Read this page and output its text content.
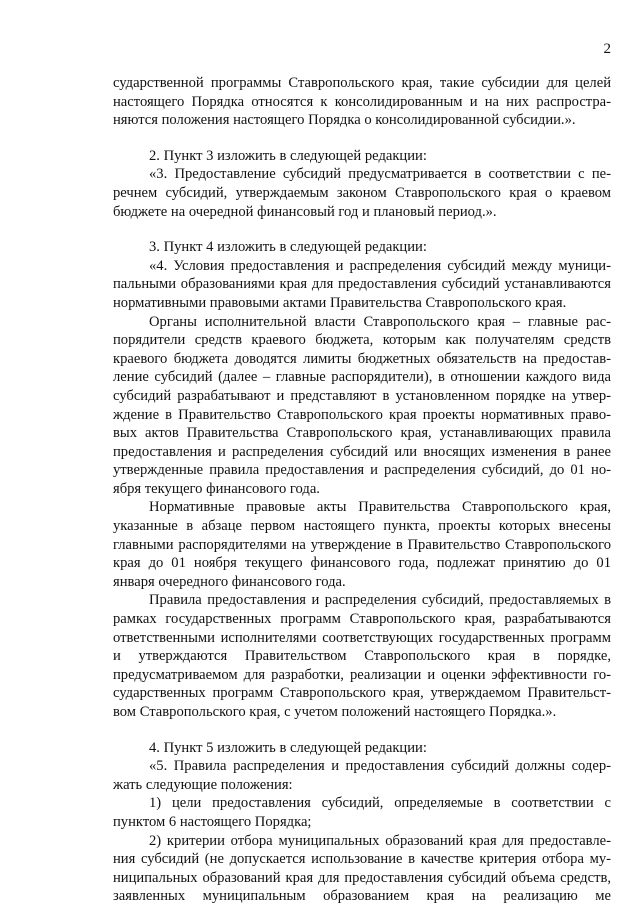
2

сударственной программы Ставропольского края, такие субсидии для целей настоящего Порядка относятся к консолидированным и на них распространяются положения настоящего Порядка о консолидированной субсидии.».

2. Пункт 3 изложить в следующей редакции:

«3. Предоставление субсидий предусматривается в соответствии с перечнем субсидий, утверждаемым законом Ставропольского края о краевом бюджете на очередной финансовый год и плановый период.».

3. Пункт 4 изложить в следующей редакции:

«4. Условия предоставления и распределения субсидий между муниципальными образованиями края для предоставления субсидий устанавливаются нормативными правовыми актами Правительства Ставропольского края.

Органы исполнительной власти Ставропольского края – главные распорядители средств краевого бюджета, которым как получателям средств краевого бюджета доводятся лимиты бюджетных обязательств на предоставление субсидий (далее – главные распорядители), в отношении каждого вида субсидий разрабатывают и представляют в установленном порядке на утверждение в Правительство Ставропольского края проекты нормативных правовых актов Правительства Ставропольского края, устанавливающих правила предоставления и распределения субсидий или вносящих изменения в ранее утвержденные правила предоставления и распределения субсидий, до 01 ноября текущего финансового года.

Нормативные правовые акты Правительства Ставропольского края, указанные в абзаце первом настоящего пункта, проекты которых внесены главными распорядителями на утверждение в Правительство Ставропольского края до 01 ноября текущего финансового года, подлежат принятию до 01 января очередного финансового года.

Правила предоставления и распределения субсидий, предоставляемых в рамках государственных программ Ставропольского края, разрабатываются ответственными исполнителями соответствующих государственных программ и утверждаются Правительством Ставропольского края в порядке, предусматриваемом для разработки, реализации и оценки эффективности государственных программ Ставропольского края, утверждаемом Правительством Ставропольского края, с учетом положений настоящего Порядка.».

4. Пункт 5 изложить в следующей редакции:

«5. Правила распределения и предоставления субсидий должны содержать следующие положения:

1) цели предоставления субсидий, определяемые в соответствии с пунктом 6 настоящего Порядка;

2) критерии отбора муниципальных образований края для предоставления субсидий (не допускается использование в качестве критерия отбора муниципальных образований края для предоставления субсидий объема средств, заявленных муниципальным образованием края на реализацию ме
